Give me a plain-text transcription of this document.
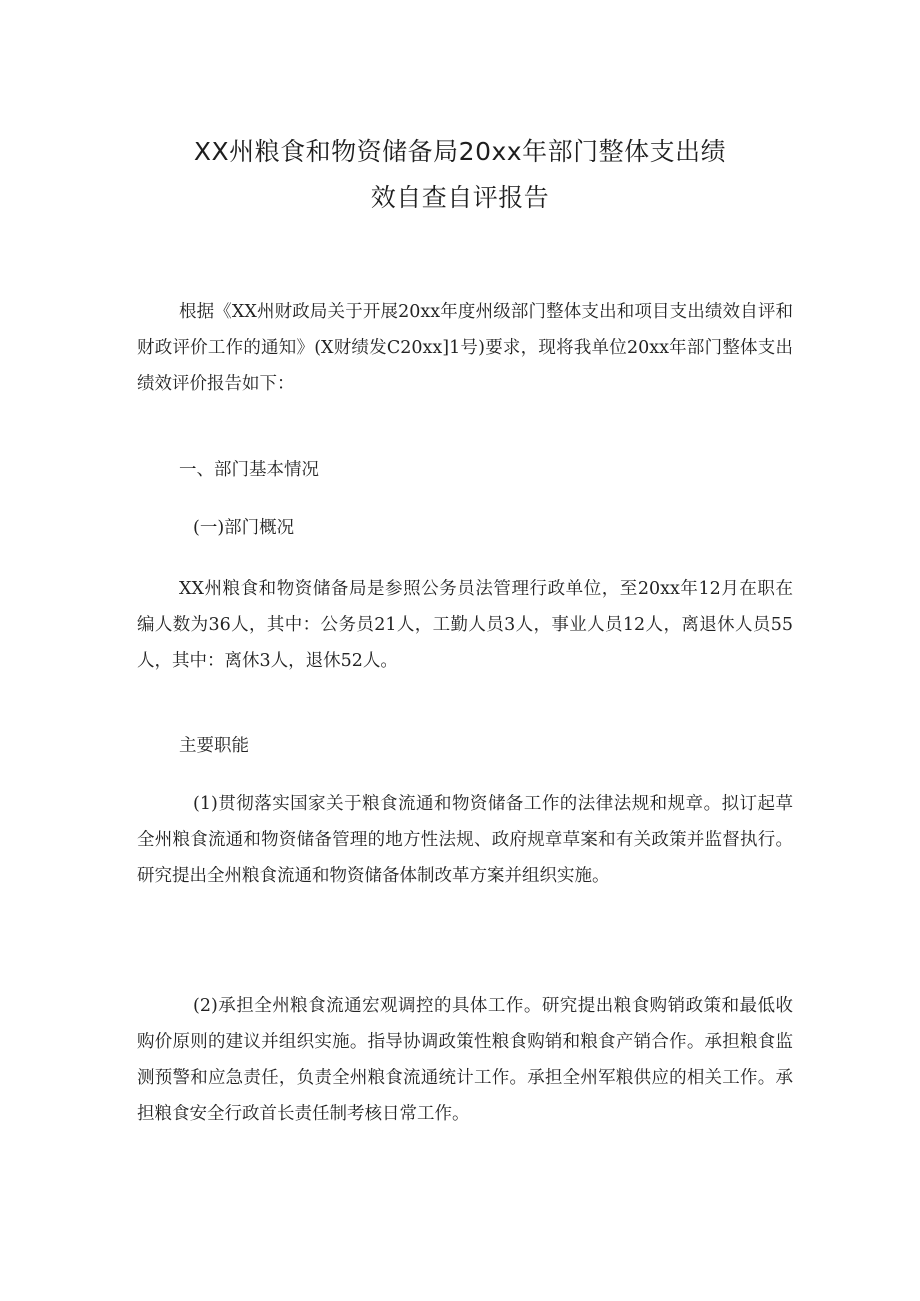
XX州粮食和物资储备局20xx年部门整体支出绩
效自查自评报告
根据《XX州财政局关于开展20xx年度州级部门整体支出和项目支出绩效自评和财政评价工作的通知》(X财绩发C20xx]1号)要求，现将我单位20xx年部门整体支出绩效评价报告如下：
一、部门基本情况
(一)部门概况
XX州粮食和物资储备局是参照公务员法管理行政单位，至20xx年12月在职在编人数为36人，其中：公务员21人，工勤人员3人，事业人员12人，离退休人员55人，其中：离休3人，退休52人。
主要职能
(1)贯彻落实国家关于粮食流通和物资储备工作的法律法规和规章。拟订起草全州粮食流通和物资储备管理的地方性法规、政府规章草案和有关政策并监督执行。研究提出全州粮食流通和物资储备体制改革方案并组织实施。
(2)承担全州粮食流通宏观调控的具体工作。研究提出粮食购销政策和最低收购价原则的建议并组织实施。指导协调政策性粮食购销和粮食产销合作。承担粮食监测预警和应急责任，负责全州粮食流通统计工作。承担全州军粮供应的相关工作。承担粮食安全行政首长责任制考核日常工作。
